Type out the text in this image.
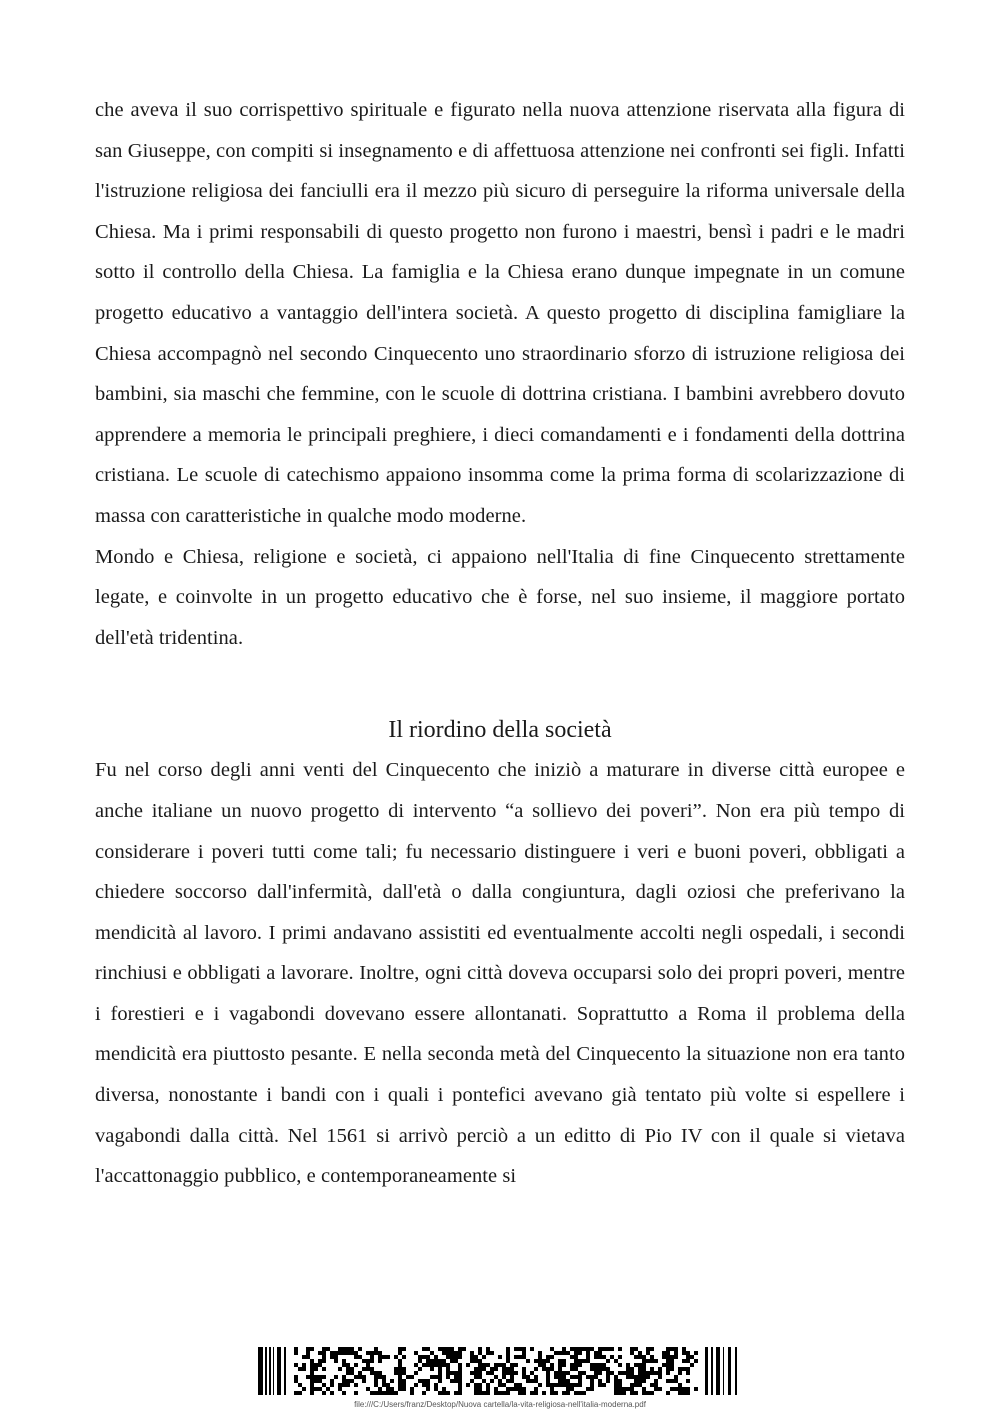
che aveva il suo corrispettivo spirituale e figurato nella nuova attenzione riservata alla figura di san Giuseppe, con compiti si insegnamento e di affettuosa attenzione nei confronti sei figli. Infatti l'istruzione religiosa dei fanciulli era il mezzo più sicuro di perseguire la riforma universale della Chiesa. Ma i primi responsabili di questo progetto non furono i maestri, bensì i padri e le madri sotto il controllo della Chiesa. La famiglia e la Chiesa erano dunque impegnate in un comune progetto educativo a vantaggio dell'intera società. A questo progetto di disciplina famigliare la Chiesa accompagnò nel secondo Cinquecento uno straordinario sforzo di istruzione religiosa dei bambini, sia maschi che femmine, con le scuole di dottrina cristiana. I bambini avrebbero dovuto apprendere a memoria le principali preghiere, i dieci comandamenti e i fondamenti della dottrina cristiana. Le scuole di catechismo appaiono insomma come la prima forma di scolarizzazione di massa con caratteristiche in qualche modo moderne.

Mondo e Chiesa, religione e società, ci appaiono nell'Italia di fine Cinquecento strettamente legate, e coinvolte in un progetto educativo che è forse, nel suo insieme, il maggiore portato dell'età tridentina.

Il riordino della società

Fu nel corso degli anni venti del Cinquecento che iniziò a maturare in diverse città europee e anche italiane un nuovo progetto di intervento “a sollievo dei poveri”. Non era più tempo di considerare i poveri tutti come tali; fu necessario distinguere i veri e buoni poveri, obbligati a chiedere soccorso dall'infermità, dall'età o dalla congiuntura, dagli oziosi che preferivano la mendicità al lavoro. I primi andavano assistiti ed eventualmente accolti negli ospedali, i secondi rinchiusi e obbligati a lavorare. Inoltre, ogni città doveva occuparsi solo dei propri poveri, mentre i forestieri e i vagabondi dovevano essere allontanati. Soprattutto a Roma il problema della mendicità era piuttosto pesante. E nella seconda metà del Cinquecento la situazione non era tanto diversa, nonostante i bandi con i quali i pontefici avevano già tentato più volte si espellere i vagabondi dalla città. Nel 1561 si arrivò perciò a un editto di Pio IV con il quale si vietava l'accattonaggio pubblico, e contemporaneamente si

file:///C:/Users/franz/Desktop/Nuova cartella/la-vita-religiosa-nell'italia-moderna.pdf
